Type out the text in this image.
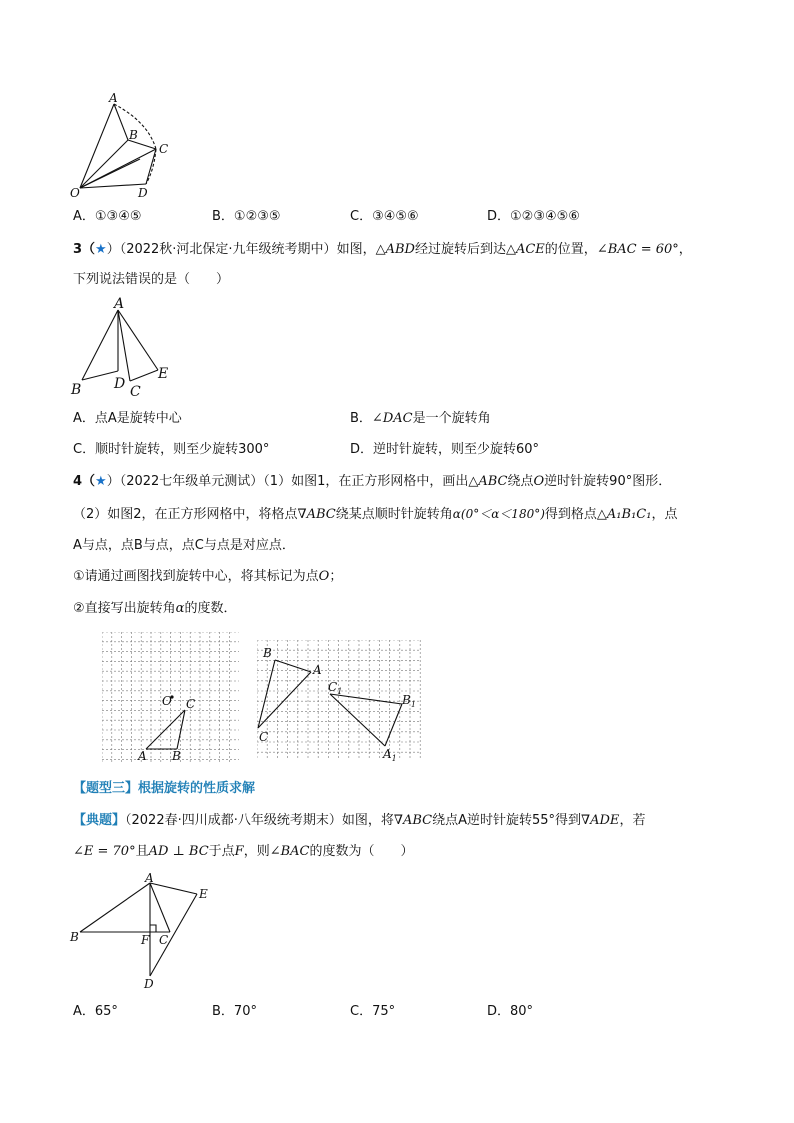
A
B
C
O	D
A．①③④⑤	B．①②③⑤	C．③④⑤⑥	D．①②③④⑤⑥
3（★）（2022秋·河北保定·九年级统考期中）如图，△ABD经过旋转后到达△ACE的位置，∠BAC = 60°，
下列说法错误的是（　　）
A
B D C
E
A．点A是旋转中心	B．∠DAC是一个旋转角
C．顺时针旋转，则至少旋转300°	D．逆时针旋转，则至少旋转60°
4（★）（2022七年级单元测试）（1）如图1，在正方形网格中，画出△ABC绕点O逆时针旋转90°图形．
（2）如图2，在正方形网格中，将格点∇ABC绕某点顺时针旋转角α(0°＜α＜180°)得到格点△A₁B₁C₁，点
A与点，点B与点，点C与点是对应点．
①请通过画图找到旋转中心，将其标记为点O；
②直接写出旋转角α的度数．
O C
A B
B
A
$C_1$
$B_1$
C
$A_1$
【题型三】根据旋转的性质求解
【典题】（2022春·四川成都·八年级统考期末）如图，将∇ABC绕点A逆时针旋转55°得到∇ADE，若
∠E = 70°且AD ⊥ BC于点F，则∠BAC的度数为（　　）
A
E
B	F C
D
A．65°	B．70°	C．75°	D．80°
